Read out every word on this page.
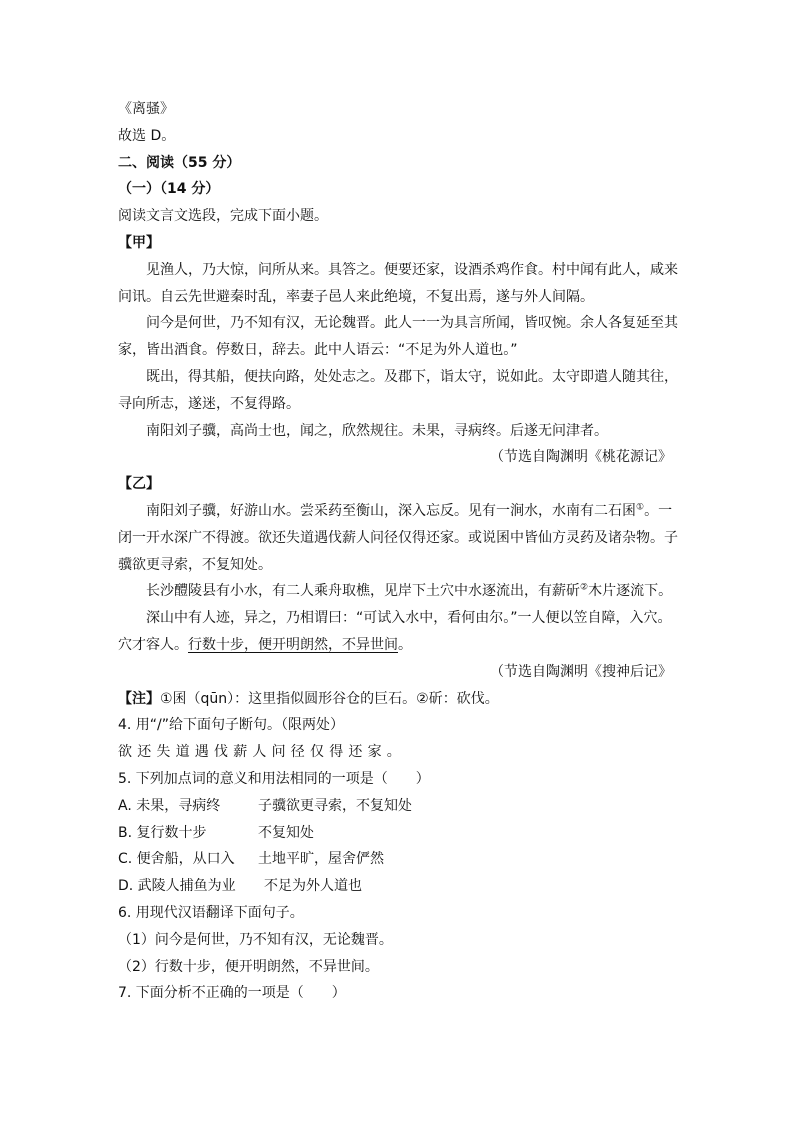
《离骚》
故选 D。
二、阅读（55 分）
（一）（14 分）
阅读文言文选段，完成下面小题。
【甲】
见渔人，乃大惊，问所从来。具答之。便要还家，设酒杀鸡作食。村中闻有此人，咸来
问讯。自云先世避秦时乱，率妻子邑人来此绝境，不复出焉，遂与外人间隔。
问今是何世，乃不知有汉，无论魏晋。此人一一为具言所闻，皆叹惋。余人各复延至其
家，皆出酒食。停数日，辞去。此中人语云：“不足为外人道也。”
既出，得其船，便扶向路，处处志之。及郡下，诣太守，说如此。太守即遣人随其往，
寻向所志，遂迷，不复得路。
南阳刘子骥，高尚士也，闻之，欣然规往。未果，寻病终。后遂无问津者。
（节选自陶渊明《桃花源记》
【乙】
南阳刘子骥，好游山水。尝采药至衡山，深入忘反。见有一涧水，水南有二石囷①。一
闭一开水深广不得渡。欲还失道遇伐薪人问径仅得还家。或说囷中皆仙方灵药及诸杂物。子
骥欲更寻索，不复知处。
长沙醴陵县有小水，有二人乘舟取樵，见岸下土穴中水逐流出，有薪斫②木片逐流下。
深山中有人迹，异之，乃相谓曰：“可试入水中，看何由尔。”一人便以笠自障，入穴。
穴才容人。行数十步，便开明朗然，不异世间。
（节选自陶渊明《搜神后记》
【注】①囷（qūn）：这里指似圆形谷仓的巨石。②斫：砍伐。
4. 用“/”给下面句子断句。（限两处）
欲还失道遇伐薪人问径仅得还家。
5. 下列加点词的意义和用法相同的一项是（　　）
A. 未果，寻病终	子骥欲更寻索，不复知处
B. 复行数十步	不复知处
C. 便舍船，从口入 土地平旷，屋舍俨然
D. 武陵人捕鱼为业 不足为外人道也
6. 用现代汉语翻译下面句子。
（1）问今是何世，乃不知有汉，无论魏晋。
（2）行数十步，便开明朗然，不异世间。
7. 下面分析不正确的一项是（　　）
